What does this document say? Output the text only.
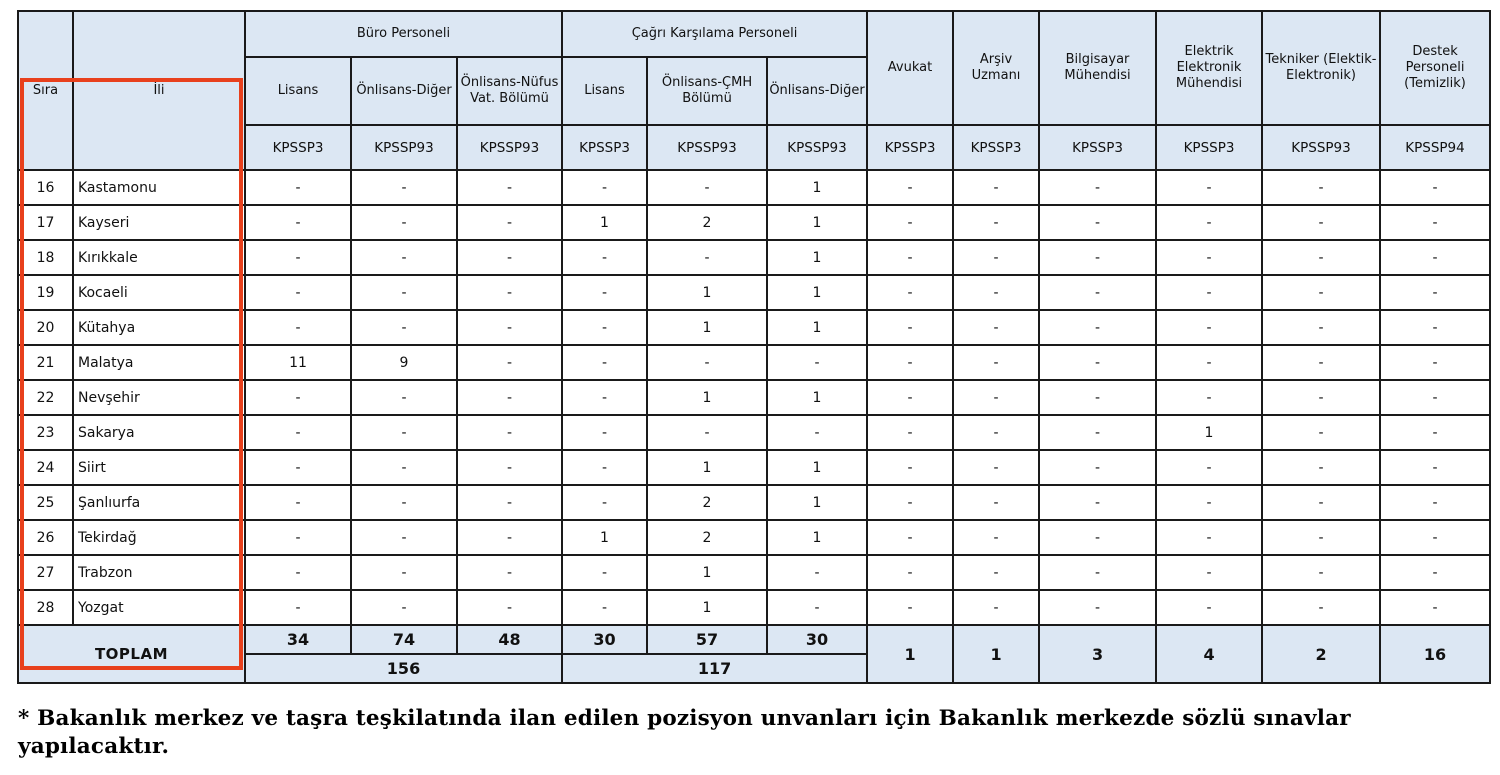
Sıra	İli	Büro Personeli			Çağrı Karşılama Personeli			Avukat	Arşiv Uzmanı	Bilgisayar Mühendisi	Elektrik Elektronik Mühendisi	Tekniker (Elektik-Elektronik)	Destek Personeli (Temizlik)
		Lisans	Önlisans-Diğer	Önlisans-Nüfus Vat. Bölümü	Lisans	Önlisans-ÇMH Bölümü	Önlisans-Diğer						
		KPSSP3	KPSSP93	KPSSP93	KPSSP3	KPSSP93	KPSSP93	KPSSP3	KPSSP3	KPSSP3	KPSSP3	KPSSP93	KPSSP94
16	Kastamonu	-	-	-	-	-	1	-	-	-	-	-	-
17	Kayseri	-	-	-	1	2	1	-	-	-	-	-	-
18	Kırıkkale	-	-	-	-	-	1	-	-	-	-	-	-
19	Kocaeli	-	-	-	-	1	1	-	-	-	-	-	-
20	Kütahya	-	-	-	-	1	1	-	-	-	-	-	-
21	Malatya	11	9	-	-	-	-	-	-	-	-	-	-
22	Nevşehir	-	-	-	-	1	1	-	-	-	-	-	-
23	Sakarya	-	-	-	-	-	-	-	-	-	1	-	-
24	Siirt	-	-	-	-	1	1	-	-	-	-	-	-
25	Şanlıurfa	-	-	-	-	2	1	-	-	-	-	-	-
26	Tekirdağ	-	-	-	1	2	1	-	-	-	-	-	-
27	Trabzon	-	-	-	-	1	-	-	-	-	-	-	-
28	Yozgat	-	-	-	-	1	-	-	-	-	-	-	-
TOPLAM		34	74	48	30	57	30	1	1	3	4	2	16
		156			117								
* Bakanlık merkez ve taşra teşkilatında ilan edilen pozisyon unvanları için Bakanlık merkezde sözlü sınavlar yapılacaktır.
